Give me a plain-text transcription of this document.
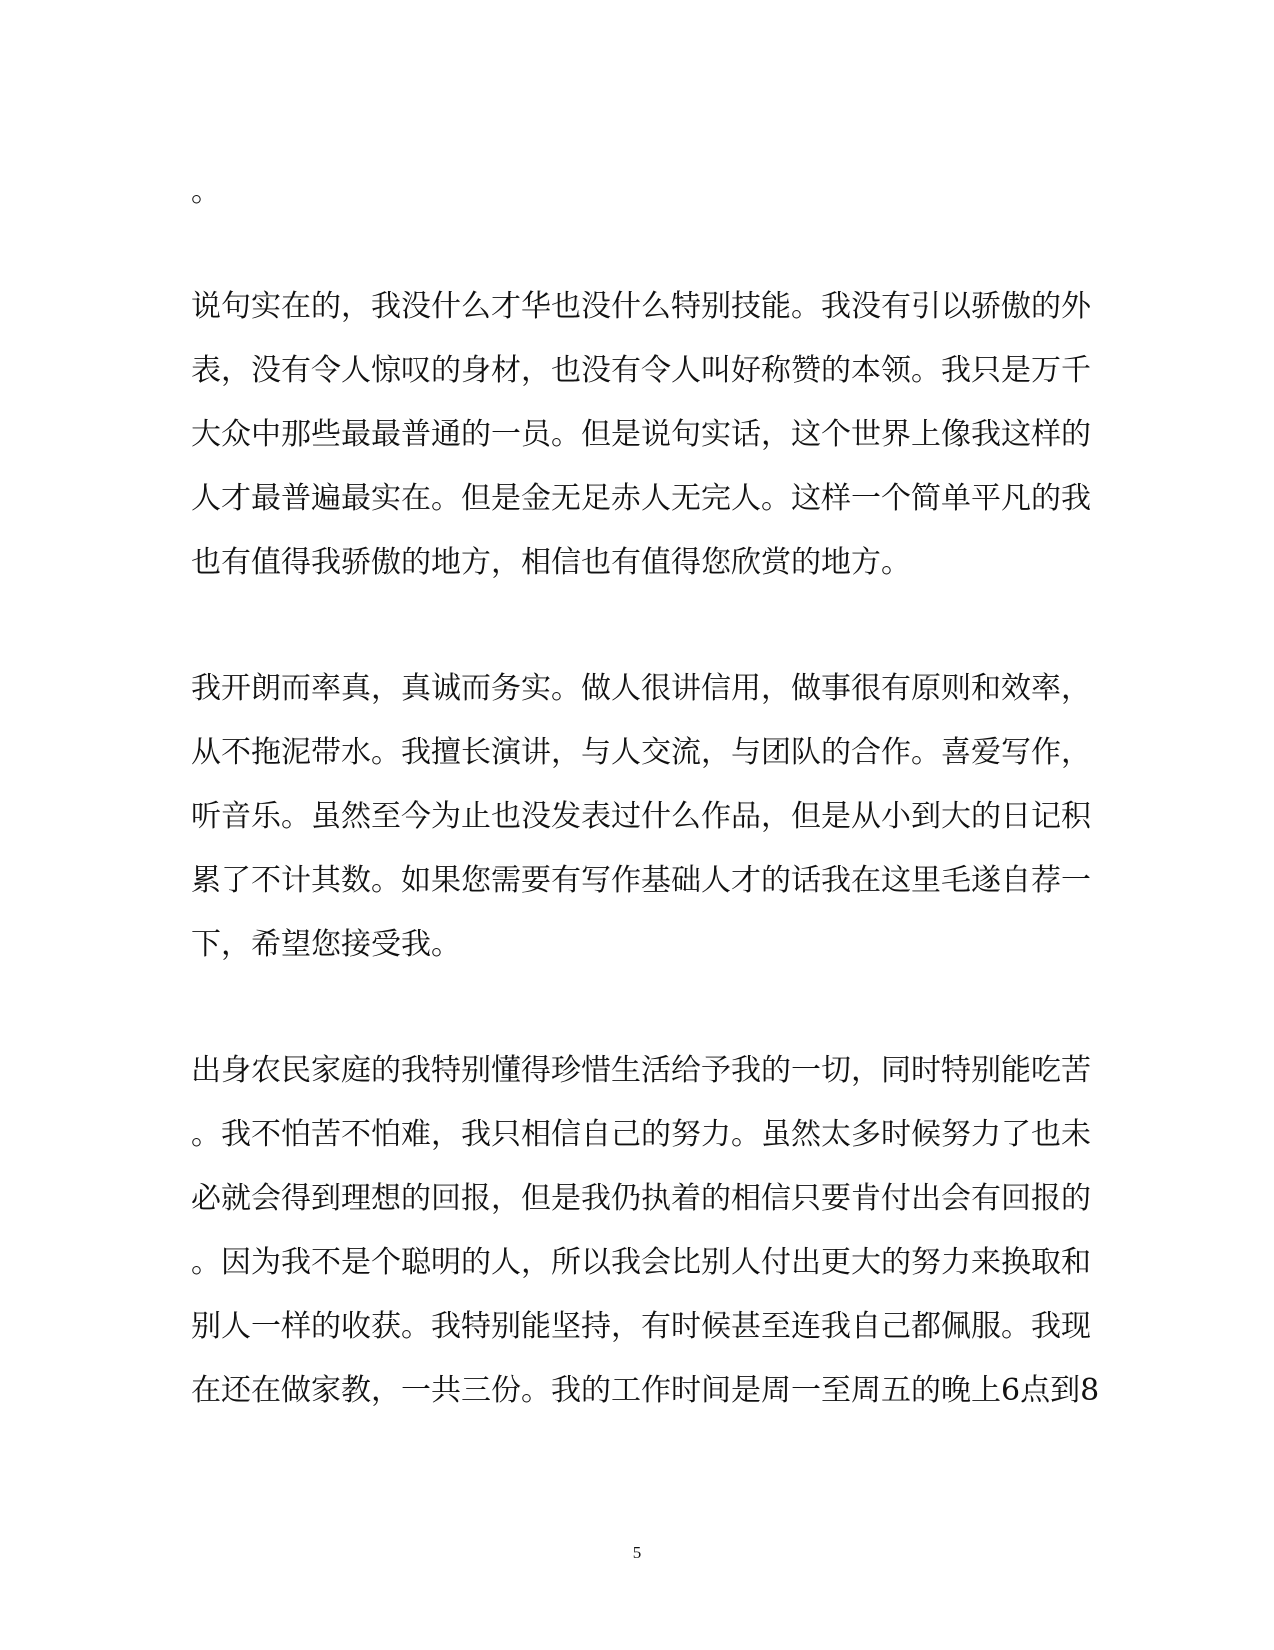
。
说句实在的，我没什么才华也没什么特别技能。我没有引以骄傲的外
表，没有令人惊叹的身材，也没有令人叫好称赞的本领。我只是万千
大众中那些最最普通的一员。但是说句实话，这个世界上像我这样的
人才最普遍最实在。但是金无足赤人无完人。这样一个简单平凡的我
也有值得我骄傲的地方，相信也有值得您欣赏的地方。
我开朗而率真，真诚而务实。做人很讲信用，做事很有原则和效率，
从不拖泥带水。我擅长演讲，与人交流，与团队的合作。喜爱写作，
听音乐。虽然至今为止也没发表过什么作品，但是从小到大的日记积
累了不计其数。如果您需要有写作基础人才的话我在这里毛遂自荐一
下，希望您接受我。
出身农民家庭的我特别懂得珍惜生活给予我的一切，同时特别能吃苦
。我不怕苦不怕难，我只相信自己的努力。虽然太多时候努力了也未
必就会得到理想的回报，但是我仍执着的相信只要肯付出会有回报的
。因为我不是个聪明的人，所以我会比别人付出更大的努力来换取和
别人一样的收获。我特别能坚持，有时候甚至连我自己都佩服。我现
在还在做家教，一共三份。我的工作时间是周一至周五的晚上6点到8
5
